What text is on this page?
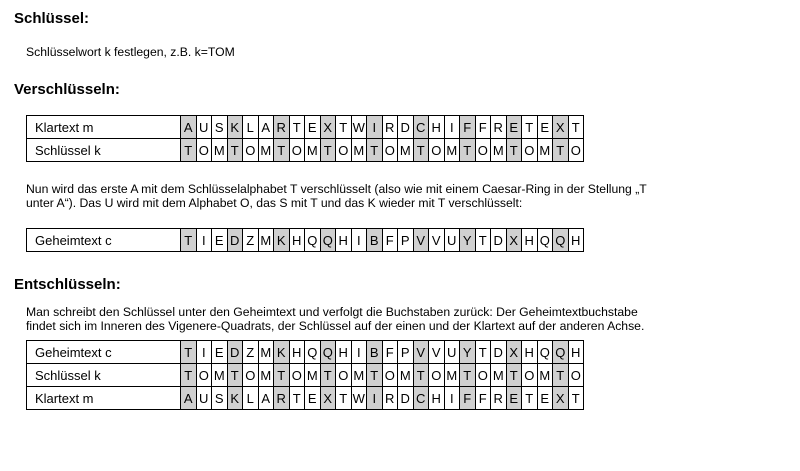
Schlüssel:

Schlüsselwort k festlegen, z.B. k=TOM

Verschlüsseln:
Klartext m	A	U	S	K	L	A	R	T	E	X	T	W	I	R	D	C	H	I	F	F	R	E	T	E	X	T
Schlüssel k	T	O	M	T	O	M	T	O	M	T	O	M	T	O	M	T	O	M	T	O	M	T	O	M	T	O

Nun wird das erste A mit dem Schlüsselalphabet T verschlüsselt (also wie mit einem Caesar-Ring in der Stellung „T

unter A“). Das U wird mit dem Alphabet O, das S mit T und das K wieder mit T verschlüsselt:

Geheimtext c	T	I	E	D	Z	M	K	H	Q	Q	H	I	B	F	P	V	V	U	Y	T	D	X	H	Q	Q	H
Entschlüsseln:

Man schreibt den Schlüssel unter den Geheimtext und verfolgt die Buchstaben zurück: Der Geheimtextbuchstabe

findet sich im Inneren des Vigenere-Quadrats, der Schlüssel auf der einen und der Klartext auf der anderen Achse.

Geheimtext c	T	I	E	D	Z	M	K	H	Q	Q	H	I	B	F	P	V	V	U	Y	T	D	X	H	Q	Q	H
Schlüssel k	T	O	M	T	O	M	T	O	M	T	O	M	T	O	M	T	O	M	T	O	M	T	O	M	T	O
Klartext m	A	U	S	K	L	A	R	T	E	X	T	W	I	R	D	C	H	I	F	F	R	E	T	E	X	T
